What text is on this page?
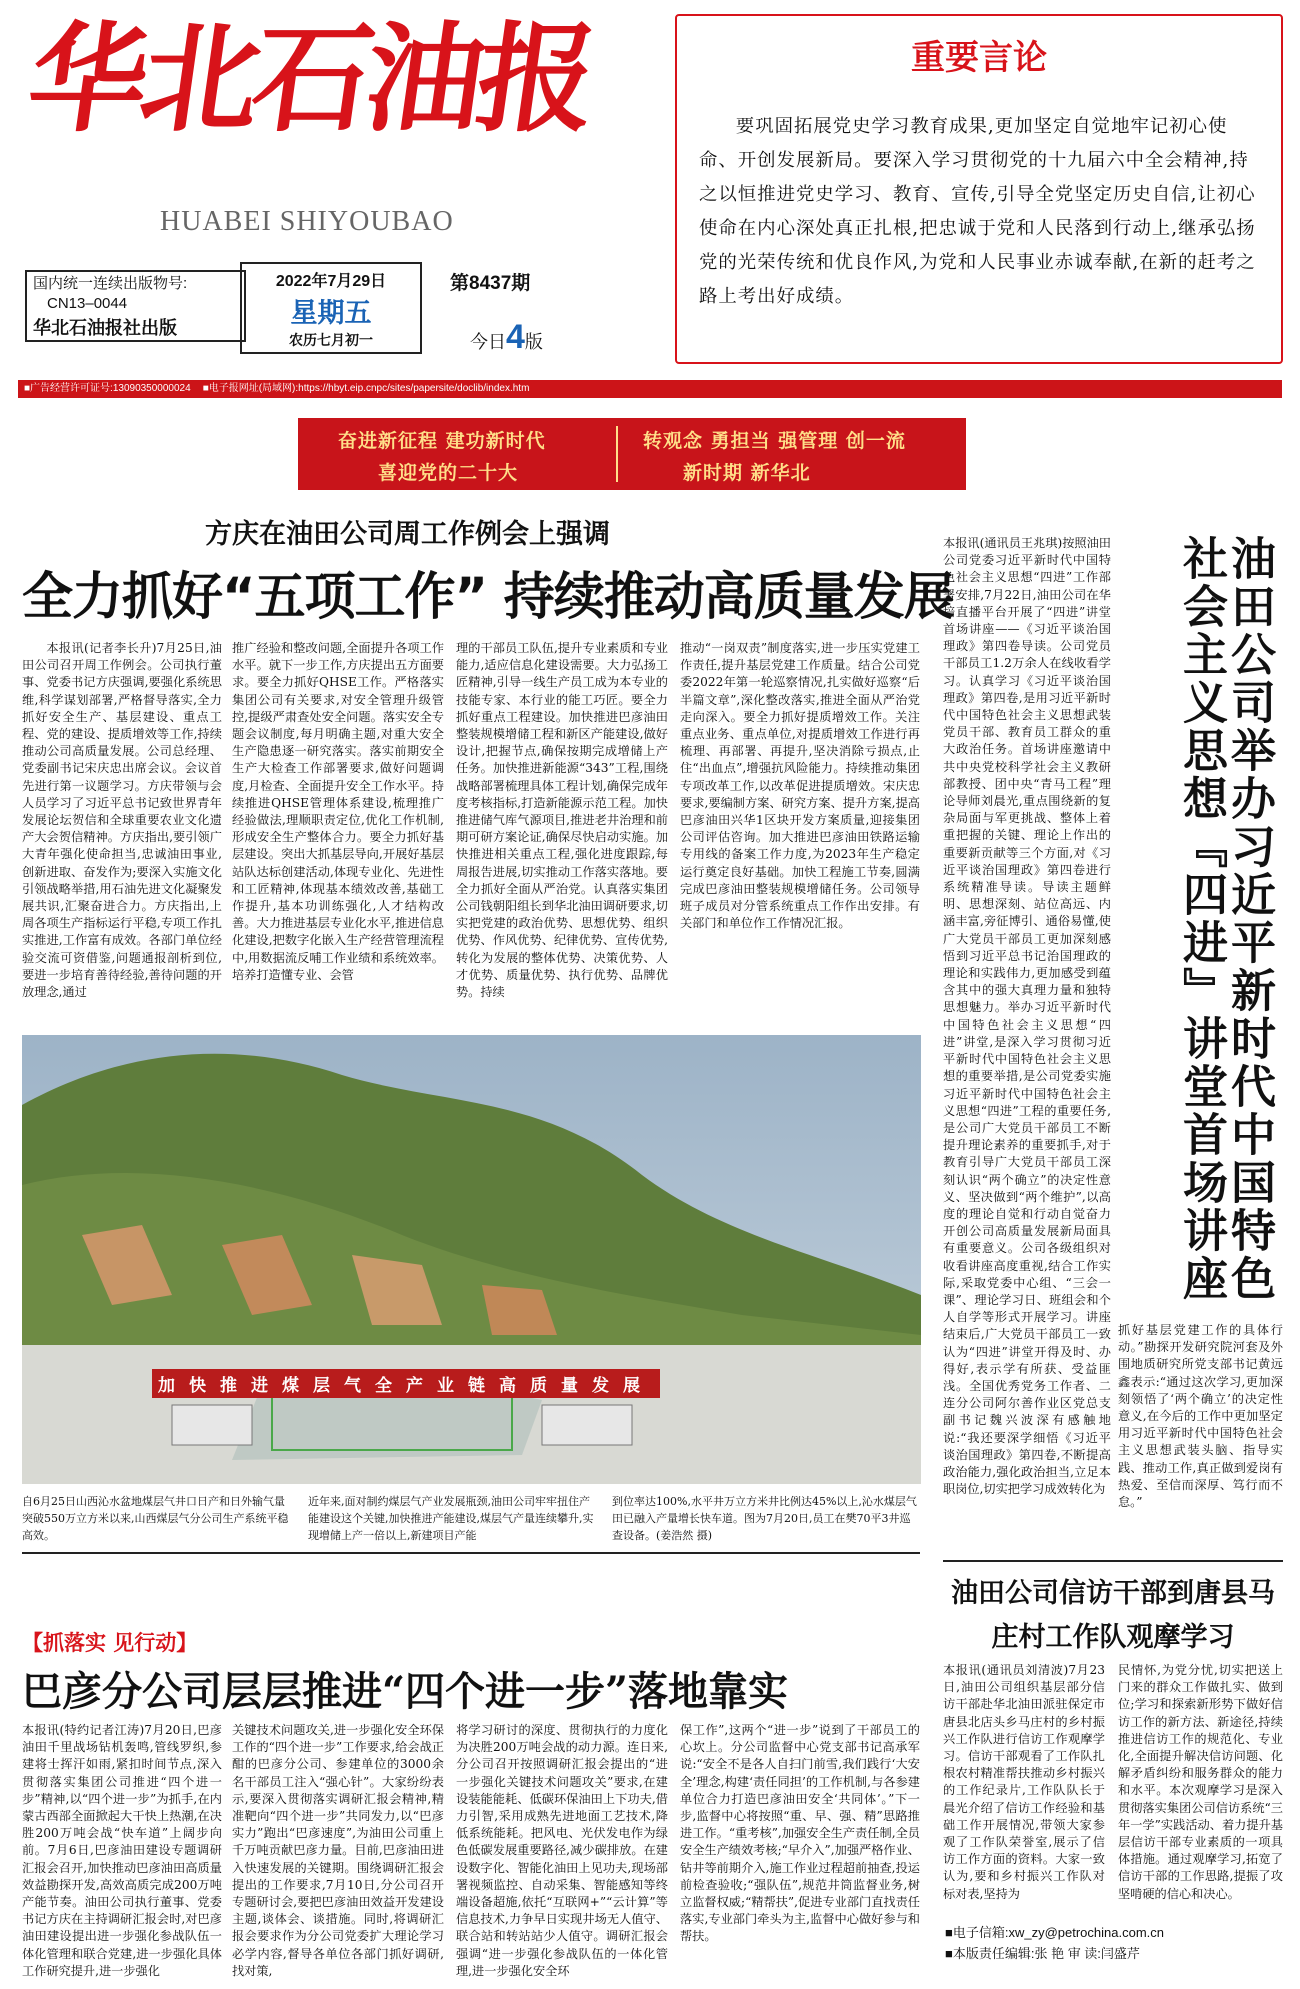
华北石油报
HUABEI SHIYOUBAO
国内统一连续出版物号:
CN13–0044
华北石油报社出版
2022年7月29日
星期五
农历七月初一
第8437期
今日4版
■广告经营许可证号:13090350000024 ■电子报网址(局域网):https://hbyt.eip.cnpc/sites/papersite/doclib/index.htm
重要言论
要巩固拓展党史学习教育成果,更加坚定自觉地牢记初心使命、开创发展新局。要深入学习贯彻党的十九届六中全会精神,持之以恒推进党史学习、教育、宣传,引导全党坚定历史自信,让初心使命在内心深处真正扎根,把忠诚于党和人民落到行动上,继承弘扬党的光荣传统和优良作风,为党和人民事业赤诚奉献,在新的赶考之路上考出好成绩。
奋进新征程 建功新时代
喜迎党的二十大
转观念 勇担当 强管理 创一流
新时期 新华北
方庆在油田公司周工作例会上强调
全力抓好“五项工作” 持续推动高质量发展

本报讯(记者李长升)7月25日,油田公司召开周工作例会。公司执行董事、党委书记方庆强调,要强化系统思维,科学谋划部署,严格督导落实,全力抓好安全生产、基层建设、重点工程、党的建设、提质增效等工作,持续推动公司高质量发展。公司总经理、党委副书记宋庆忠出席会议。会议首先进行第一议题学习。方庆带领与会人员学习了习近平总书记致世界青年发展论坛贺信和全球重要农业文化遗产大会贺信精神。方庆指出,要引领广大青年强化使命担当,忠诚油田事业,创新进取、奋发作为;要深入实施文化引领战略举措,用石油先进文化凝聚发展共识,汇聚奋进合力。方庆指出,上周各项生产指标运行平稳,专项工作扎实推进,工作富有成效。各部门单位经验交流可资借鉴,问题通报剖析到位,要进一步培育善待经验,善待问题的开放理念,通过

推广经验和整改问题,全面提升各项工作水平。就下一步工作,方庆提出五方面要求。要全力抓好QHSE工作。严格落实集团公司有关要求,对安全管理升级管控,提级严肃查处安全问题。落实安全专题会议制度,每月明确主题,对重大安全生产隐患逐一研究落实。落实前期安全生产大检查工作部署要求,做好问题调度,月检查、全面提升安全工作水平。持续推进QHSE管理体系建设,梳理推广经验做法,理顺职责定位,优化工作机制,形成安全生产整体合力。要全力抓好基层建设。突出大抓基层导向,开展好基层站队达标创建活动,体现专业化、先进性和工匠精神,体现基本绩效改善,基础工作提升,基本功训练强化,人才结构改善。大力推进基层专业化水平,推进信息化建设,把数字化嵌入生产经营管理流程中,用数据流反哺工作业绩和系统效率。培养打造懂专业、会管

理的干部员工队伍,提升专业素质和专业能力,适应信息化建设需要。大力弘扬工匠精神,引导一线生产员工成为本专业的技能专家、本行业的能工巧匠。要全力抓好重点工程建设。加快推进巴彦油田整装规模增储工程和新区产能建设,做好设计,把握节点,确保按期完成增储上产任务。加快推进新能源“343”工程,围绕战略部署梳理具体工程计划,确保完成年度考核指标,打造新能源示范工程。加快推进储气库气源项目,推进老井治理和前期可研方案论证,确保尽快启动实施。加快推进相关重点工程,强化进度跟踪,每周报告进展,切实推动工作落实落地。要全力抓好全面从严治党。认真落实集团公司钱朝阳组长到华北油田调研要求,切实把党建的政治优势、思想优势、组织优势、作风优势、纪律优势、宣传优势,转化为发展的整体优势、决策优势、人才优势、质量优势、执行优势、品牌优势。持续

推动“一岗双责”制度落实,进一步压实党建工作责任,提升基层党建工作质量。结合公司党委2022年第一轮巡察情况,扎实做好巡察“后半篇文章”,深化整改落实,推进全面从严治党走向深入。要全力抓好提质增效工作。关注重点业务、重点单位,对提质增效工作进行再梳理、再部署、再提升,坚决消除亏损点,止住“出血点”,增强抗风险能力。持续推动集团专项改革工作,以改革促进提质增效。宋庆忠要求,要编制方案、研究方案、提升方案,提高巴彦油田兴华1区块开发方案质量,迎接集团公司评估咨询。加大推进巴彦油田铁路运输专用线的备案工作力度,为2023年生产稳定运行奠定良好基础。加快工程施工节奏,圆满完成巴彦油田整装规模增储任务。公司领导班子成员对分管系统重点工作作出安排。有关部门和单位作工作情况汇报。

加快推进煤层气全产业链高质量发展
自6月25日山西沁水盆地煤层气井口日产和日外输气量突破550万立方米以来,山西煤层气分公司生产系统平稳高效。
近年来,面对制约煤层气产业发展瓶颈,油田公司牢牢扭住产能建设这个关键,加快推进产能建设,煤层气产量连续攀升,实现增储上产一倍以上,新建项目产能
到位率达100%,水平井万立方米井比例达45%以上,沁水煤层气田已融入产量增长快车道。图为7月20日,员工在樊70平3井巡查设备。(姜浩然 摄)

本报讯(通讯员王兆琪)按照油田公司党委习近平新时代中国特色社会主义思想“四进”工作部署安排,7月22日,油田公司在华培直播平台开展了“四进”讲堂首场讲座——《习近平谈治国理政》第四卷导读。公司党员干部员工1.2万余人在线收看学习。认真学习《习近平谈治国理政》第四卷,是用习近平新时代中国特色社会主义思想武装党员干部、教育员工群众的重大政治任务。首场讲座邀请中共中央党校科学社会主义教研部教授、团中央“青马工程”理论导师刘晨光,重点围绕新的复杂局面与军更挑战、整体上着重把握的关键、理论上作出的重要新贡献等三个方面,对《习近平谈治国理政》第四卷进行系统精准导读。导读主题鲜明、思想深刻、站位高远、内涵丰富,旁征博引、通俗易懂,使广大党员干部员工更加深刻感悟到习近平总书记治国理政的理论和实践伟力,更加感受到蕴含其中的强大真理力量和独特思想魅力。举办习近平新时代中国特色社会主义思想“四进”讲堂,是深入学习贯彻习近平新时代中国特色社会主义思想的重要举措,是公司党委实施习近平新时代中国特色社会主义思想“四进”工程的重要任务,是公司广大党员干部员工不断提升理论素养的重要抓手,对于教育引导广大党员干部员工深刻认识“两个确立”的决定性意义、坚决做到“两个维护”,以高度的理论自觉和行动自觉奋力开创公司高质量发展新局面具有重要意义。公司各级组织对收看讲座高度重视,结合工作实际,采取党委中心组、“三会一课”、理论学习日、班组会和个人自学等形式开展学习。讲座结束后,广大党员干部员工一致认为“四进”讲堂开得及时、办得好,表示学有所获、受益匪浅。全国优秀党务工作者、二连分公司阿尔善作业区党总支副书记魏兴波深有感触地说:“我还要深学细悟《习近平谈治国理政》第四卷,不断提高政治能力,强化政治担当,立足本职岗位,切实把学习成效转化为

抓好基层党建工作的具体行动。”勘探开发研究院河套及外围地质研究所党支部书记黄远鑫表示:“通过这次学习,更加深刻领悟了‘两个确立’的决定性意义,在今后的工作中更加坚定用习近平新时代中国特色社会主义思想武装头脑、指导实践、推动工作,真正做到爱岗有热爱、至信而深厚、笃行而不怠。”

油田公司举办习近平新时代中国特色
社会主义思想『四进』讲堂首场讲座
油田公司信访干部到唐县马庄村工作队观摩学习

本报讯(通讯员刘清波)7月23日,油田公司组织基层部分信访干部赴华北油田派驻保定市唐县北店头乡马庄村的乡村振兴工作队进行信访工作观摩学习。信访干部观看了工作队扎根农村精准帮扶推动乡村振兴的工作纪录片,工作队队长于晨光介绍了信访工作经验和基础工作开展情况,带领大家参观了工作队荣誉室,展示了信访工作方面的资料。大家一致认为,要和乡村振兴工作队对标对表,坚持为

民情怀,为党分忧,切实把送上门来的群众工作做扎实、做到位;学习和探索新形势下做好信访工作的新方法、新途径,持续推进信访工作的规范化、专业化,全面提升解决信访问题、化解矛盾纠纷和服务群众的能力和水平。本次观摩学习是深入贯彻落实集团公司信访系统“三年一学”实践活动、着力提升基层信访干部专业素质的一项具体措施。通过观摩学习,拓宽了信访干部的工作思路,提振了攻坚啃硬的信心和决心。

■电子信箱:xw_zy@petrochina.com.cn
■本版责任编辑:张 艳 审 读:闫盛芹
【抓落实 见行动】
巴彦分公司层层推进“四个进一步”落地靠实

本报讯(特约记者江涛)7月20日,巴彦油田千里战场钻机轰鸣,管线罗织,参建将士挥汗如雨,紧扣时间节点,深入贯彻落实集团公司推进“四个进一步”精神,以“四个进一步”为抓手,在内蒙古西部全面掀起大干快上热潮,在决胜200万吨会战“快车道”上阔步向前。7月6日,巴彦油田建设专题调研汇报会召开,加快推动巴彦油田高质量效益勘探开发,高效高质完成200万吨产能节奏。油田公司执行董事、党委书记方庆在主持调研汇报会时,对巴彦油田建设提出进一步强化参战队伍一体化管理和联合党建,进一步强化具体工作研究提升,进一步强化

关键技术问题攻关,进一步强化安全环保工作的“四个进一步”工作要求,给会战正酣的巴彦分公司、参建单位的3000余名干部员工注入“强心针”。大家纷纷表示,要深入贯彻落实调研汇报会精神,精准靶向“四个进一步”共同发力,以“巴彦实力”跑出“巴彦速度”,为油田公司重上千万吨贡献巴彦力量。目前,巴彦油田进入快速发展的关键期。围绕调研汇报会提出的工作要求,7月10日,分公司召开专题研讨会,要把巴彦油田效益开发建设主题,谈体会、谈措施。同时,将调研汇报会要求作为分公司党委扩大理论学习必学内容,督导各单位各部门抓好调研,找对策,

将学习研讨的深度、贯彻执行的力度化为决胜200万吨会战的动力源。连日来,分公司召开按照调研汇报会提出的“进一步强化关键技术问题攻关”要求,在建设装能能耗、低碳环保油田上下功夫,借力引智,采用成熟先进地面工艺技术,降低系统能耗。把风电、光伏发电作为绿色低碳发展重要路径,减少碳排放。在建设数字化、智能化油田上见功夫,现场部署视频监控、自动采集、智能感知等终端设备超施,依托“互联网+”“云计算”等信息技术,力争早日实现井场无人值守、联合站和转站站少人值守。调研汇报会强调“进一步强化参战队伍的一体化管理,进一步强化安全环

保工作”,这两个“进一步”说到了干部员工的心坎上。分公司监督中心党支部书记高承军说:“安全不是各人自扫门前雪,我们践行‘大安全’理念,构建‘责任同担’的工作机制,与各参建单位合力打造巴彦油田安全‘共同体’。”下一步,监督中心将按照“重、早、强、精”思路推进工作。“重考核”,加强安全生产责任制,全员安全生产绩效考核;“早介入”,加强严格作业、钻井等前期介入,施工作业过程超前抽查,投运前检查验收;“强队伍”,规范井筒监督业务,树立监督权威;“精帮扶”,促进专业部门直找责任落实,专业部门牵头为主,监督中心做好参与和帮扶。
